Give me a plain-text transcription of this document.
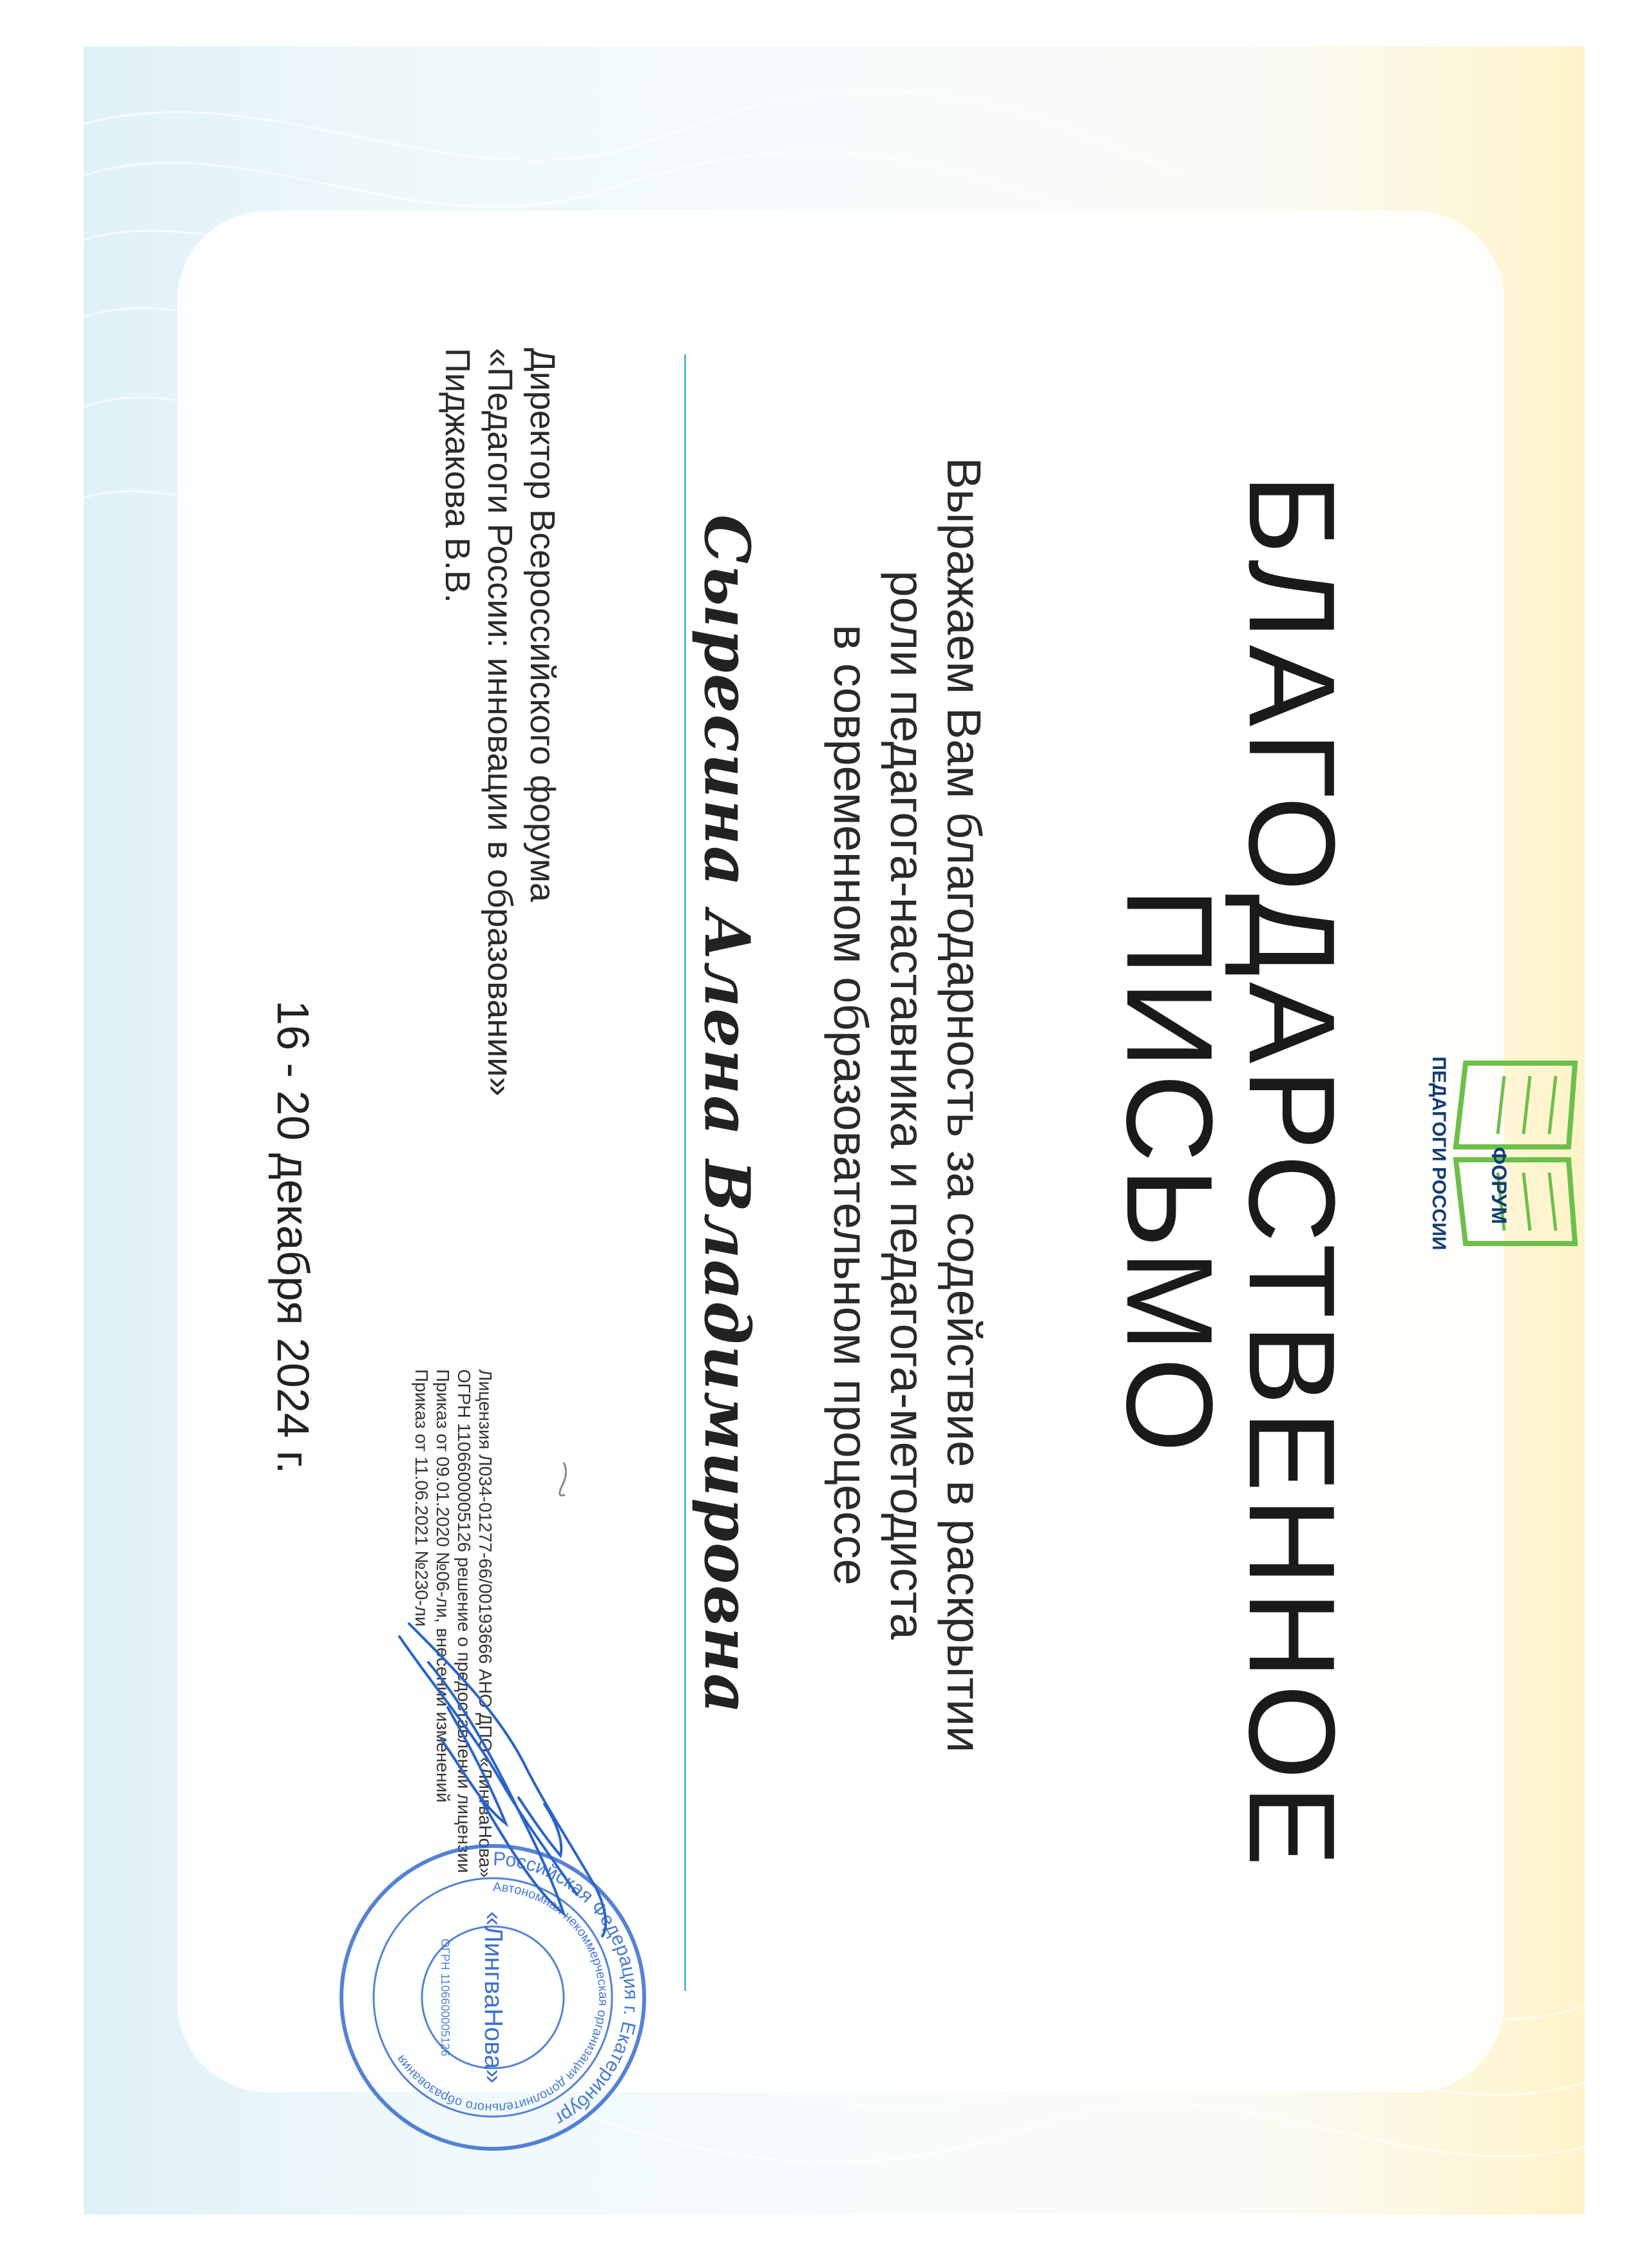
ФОРУМ
ПЕДАГОГИ РОССИИ
БЛАГОДАРСТВЕННОЕ
ПИСЬМО
Выражаем Вам благодарность за содействие в раскрытии
роли педагога-наставника и педагога-методиста
в современном образовательном процессе
Сыресина Алена Владимировна
Директор Всероссийского форума
«Педагоги России: инновации в образовании»
Пиджакова В.В.
Лицензия Л034-01277-66/00193666 АНО ДПО «ЛингваНова»
ОГРН 1106600005126 решение о предоставлении лицензии
Приказ от 09.01.2020 №06-ли, внесении изменений
Приказ от 11.06.2021 №230-ли
Российская Федерация г. Екатеринбург
Автономная некоммерческая организация дополнительного образования	«ЛингваНова»
ОГРН 1106600005126
16 - 20 декабря 2024 г.
